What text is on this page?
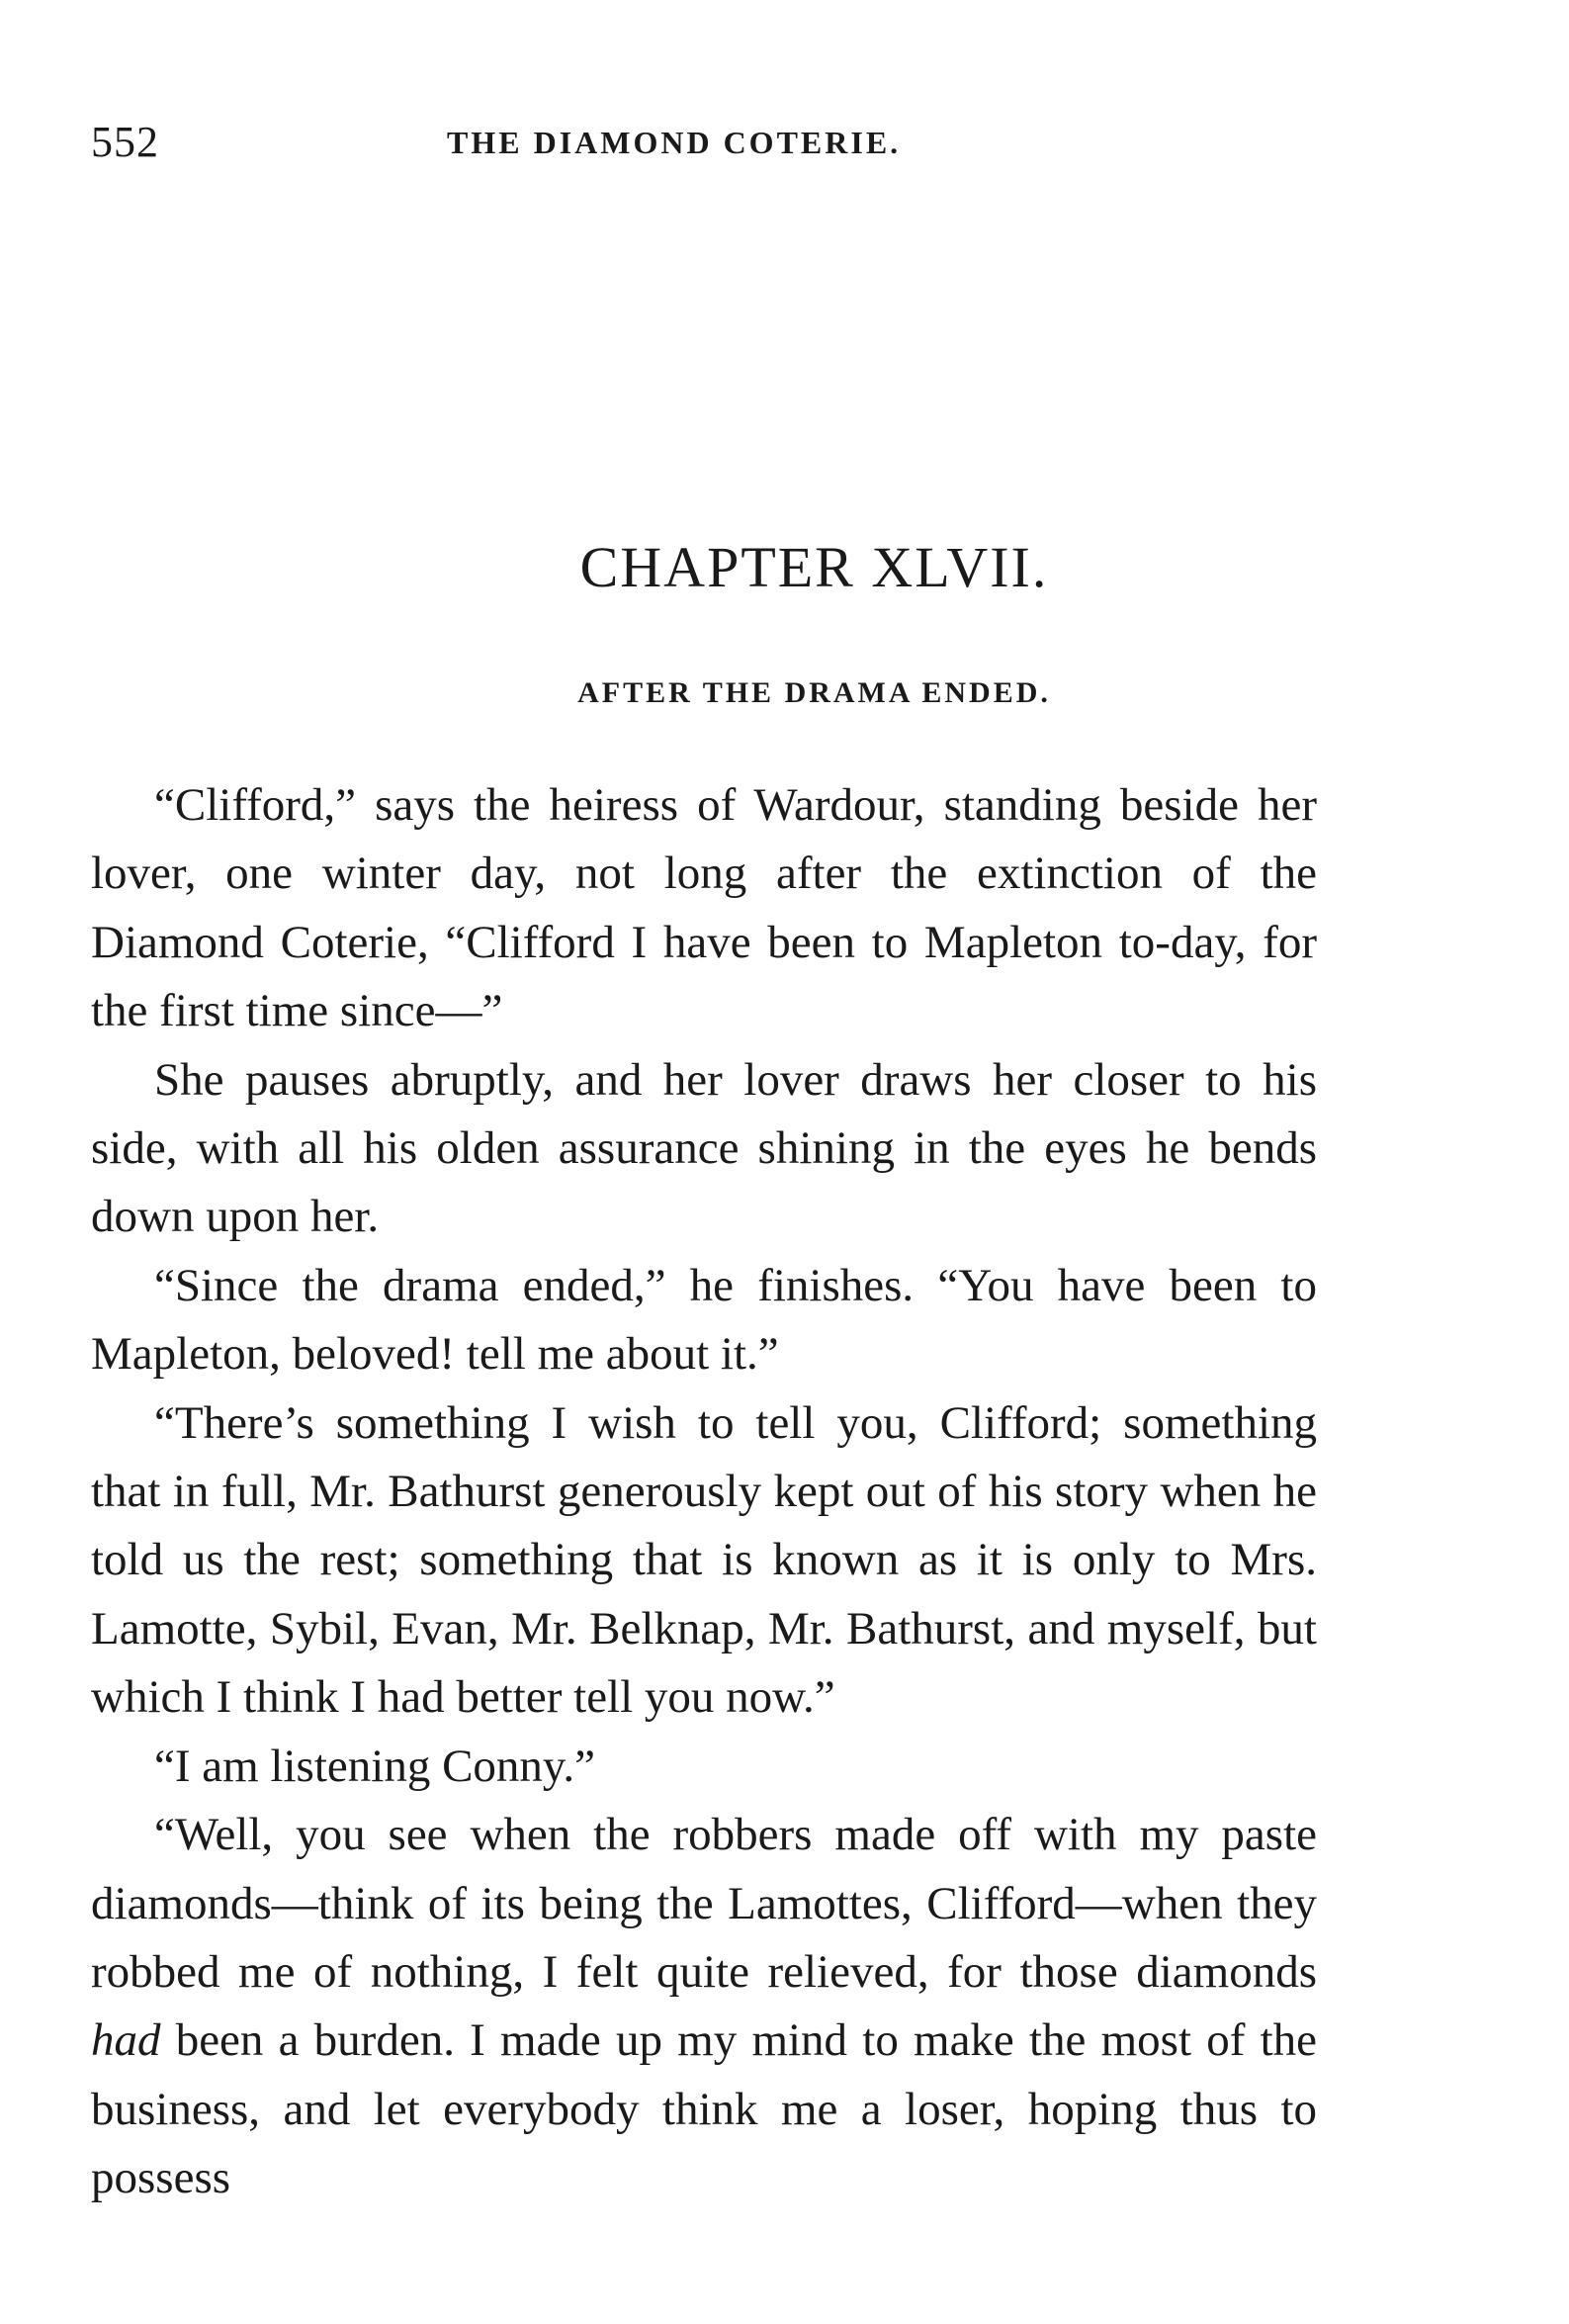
552	THE DIAMOND COTERIE.
CHAPTER XLVII.
AFTER THE DRAMA ENDED.

“Clifford,” says the heiress of Wardour, standing beside her lover, one winter day, not long after the extinction of the Diamond Coterie, “Clifford I have been to Mapleton to-day, for the first time since—”

She pauses abruptly, and her lover draws her closer to his side, with all his olden assurance shining in the eyes he bends down upon her.

“Since the drama ended,” he finishes. “You have been to Mapleton, beloved! tell me about it.”

“There’s something I wish to tell you, Clifford; something that in full, Mr. Bathurst generously kept out of his story when he told us the rest; something that is known as it is only to Mrs. Lamotte, Sybil, Evan, Mr. Belknap, Mr. Bathurst, and myself, but which I think I had better tell you now.”

“I am listening Conny.”

“Well, you see when the robbers made off with my paste diamonds—think of its being the Lamottes, Clifford—when they robbed me of nothing, I felt quite relieved, for those diamonds had been a burden. I made up my mind to make the most of the business, and let everybody think me a loser, hoping thus to possess
